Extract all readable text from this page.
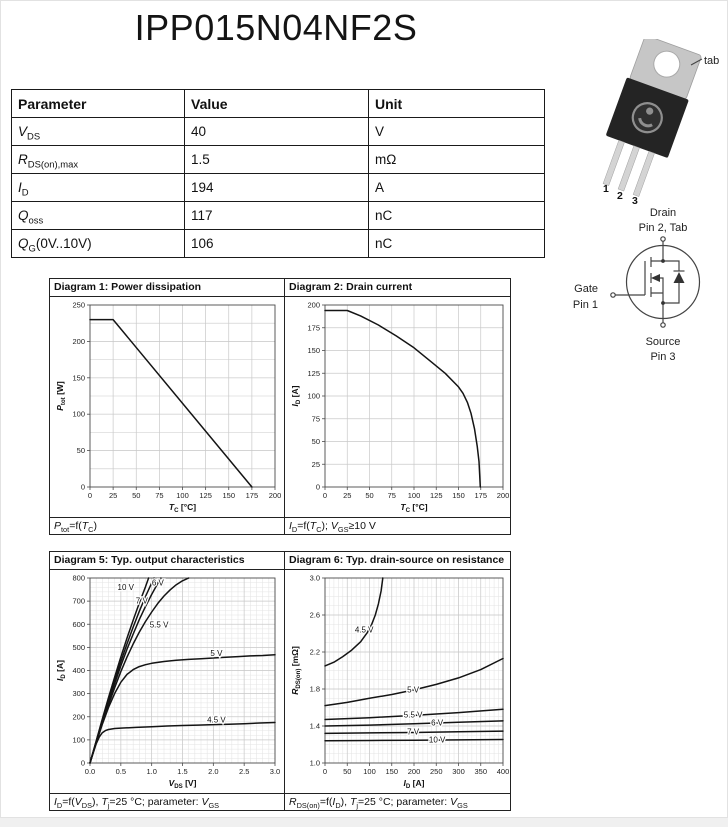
IPP015N04NF2S
Parameter	Value	Unit
$V_{DS}$	40	V
$R_{DS(on),max}$	1.5	mΩ
$I_D$	194	A
$Q_{oss}$	117	nC
$Q_G(0V..10V)$	106	nC
tab
1
2 3
Drain
Pin 2, Tab
Gate
Pin 1
Source
Pin 3
Diagram 1: Power dissipation	Diagram 2: Drain current
0 25 50 75 100 125 150 175 200
0
50
100
150
200
250
$T_C$ [°C]
$P_{tot}$ [W]
0 25 50 75 100 125 150 175 200
0
25
50
75
100
125
150
175
200
$T_C$ [°C]
$I_D$ [A]
$P_{tot}=f(T_C)$	$I_D=f(T_C)$; $V_{GS}\ge 10$ V
Diagram 5: Typ. output characteristics	Diagram 6: Typ. drain-source on resistance
0.0	0.5	1.0	1.5	2.0	2.5	3.0
0
100
200
300
400
500
600
700
800
10 V
7 V
6 V
5.5 V
5 V
4.5 V
$V_{DS}$ [V]
$I_D$ [A]
0 50 100 150 200 250 300 350 400
1.0
1.4
1.8
2.2
2.6
3.0
4.5 V
5 V
5.5 V
6 V
7 V
10 V
$I_D$ [A]
$R_{DS(on)}$ [mΩ]
$I_D=f(V_{DS})$, $T_j=25$ °C; parameter: $V_{GS}$	$R_{DS(on)}=f(I_D)$, $T_j=25$ °C; parameter: $V_{GS}$
